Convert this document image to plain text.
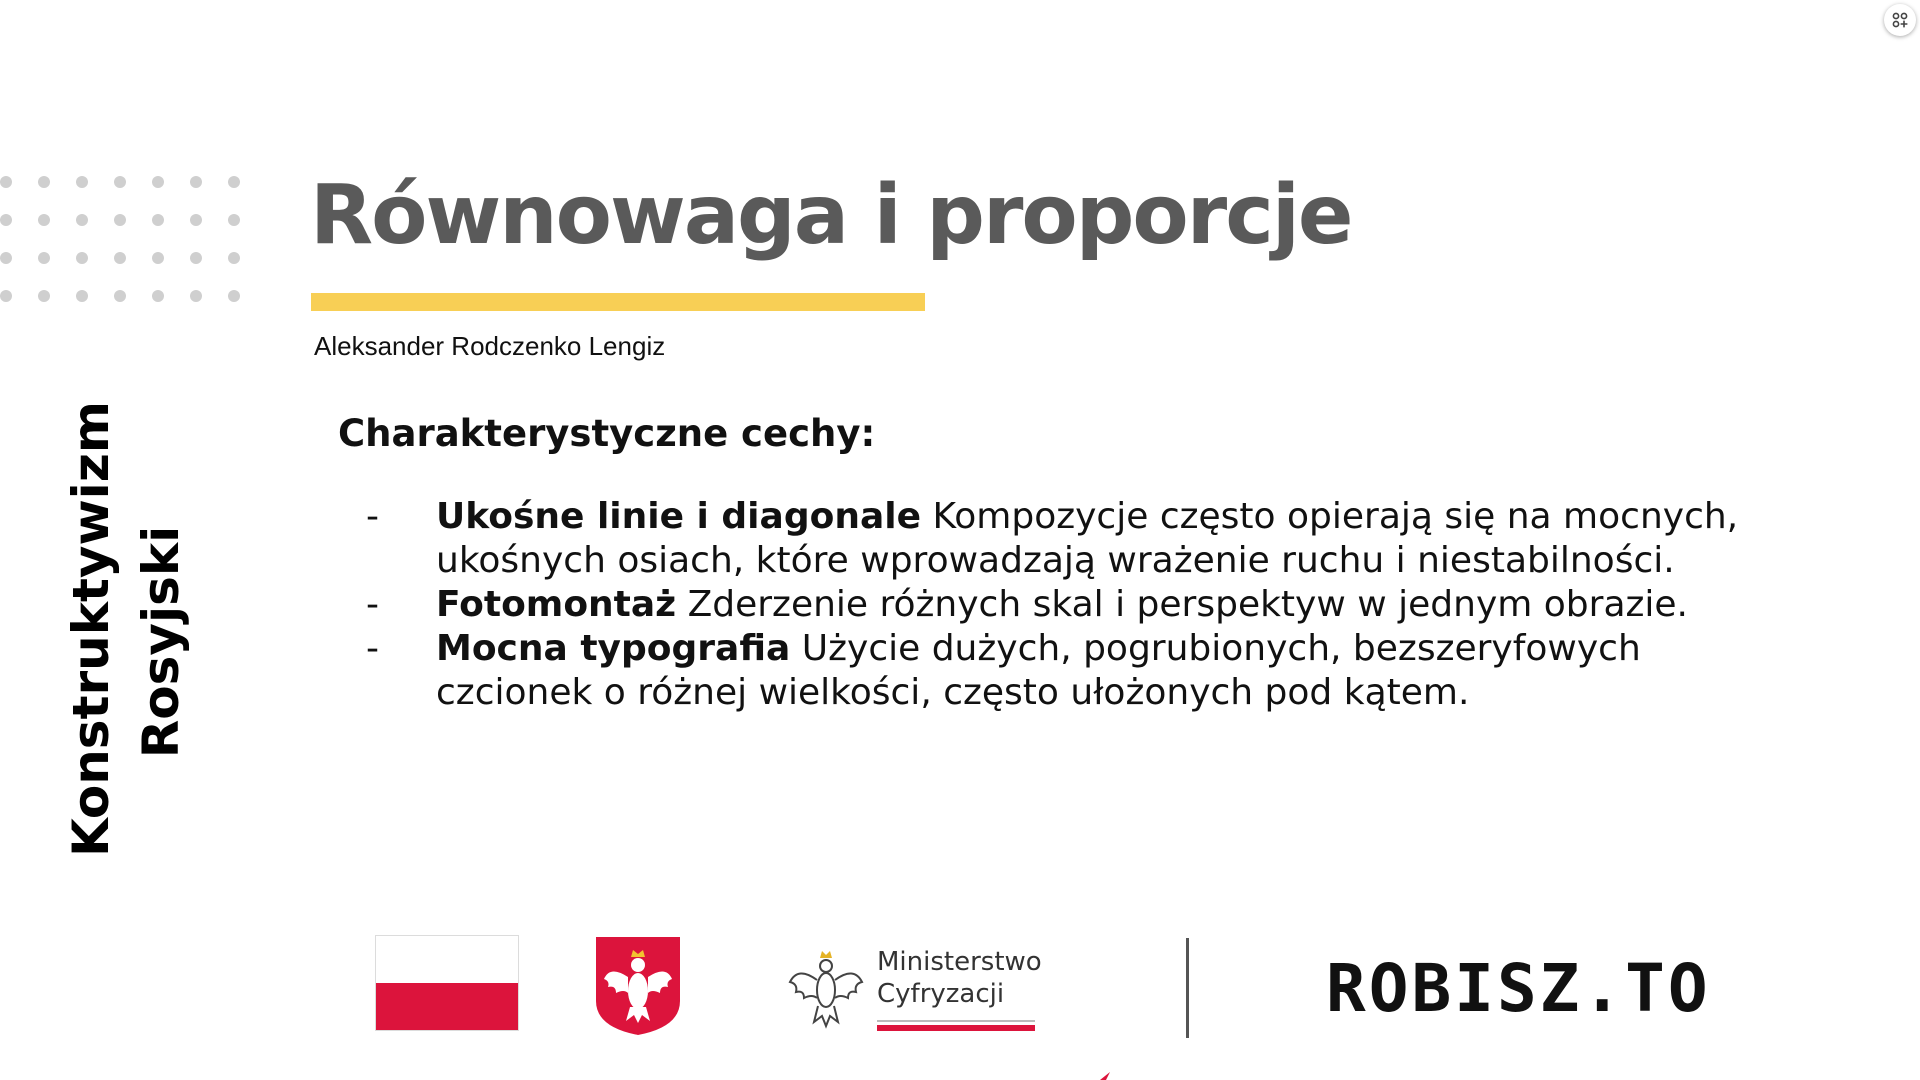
Równowaga i proporcje
Aleksander Rodczenko Lengiz
Konstruktywizm Rosyjski
Charakterystyczne cechy:
- Ukośne linie i diagonale Kompozycje często opierają się na mocnych, ukośnych osiach, które wprowadzają wrażenie ruchu i niestabilności.
- Fotomontaż Zderzenie różnych skal i perspektyw w jednym obrazie.
- Mocna typografia Użycie dużych, pogrubionych, bezszeryfowych czcionek o różnej wielkości, często ułożonych pod kątem.
Ministerstwo
Cyfryzacji	ROBISZ.TO
